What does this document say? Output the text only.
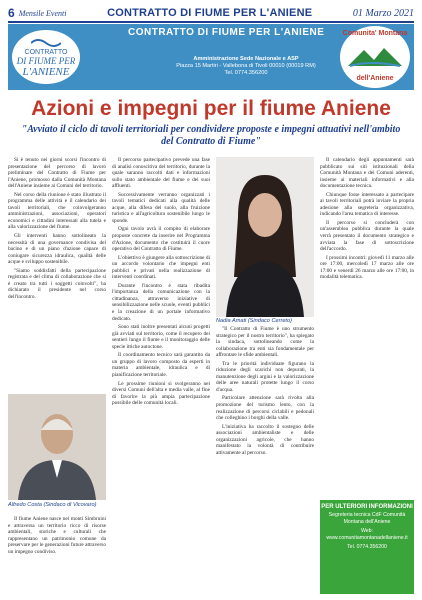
6 Mensile Eventi	CONTRATTO DI FIUME PER L'ANIENE	01 Marzo 2021
CONTRATTO
DI FIUME PER
L'ANIENE
CONTRATTO DI FIUME PER L'ANIENE
Amministrazione Sede Nazionale e ASP
Piazza 15 Martiri - Vallebona di Tivoli 00010 (00019 RM)
Tel. 0774.356200
Comunita' Montana
dell'Aniene
Azioni e impegni per il fiume Aniene
"Avviato il ciclo di tavoli territoriali per condividere proposte e impegni attuativi nell'ambito del Contratto di Fiume"

Si è tenuto nei giorni scorsi l'incontro di presentazione del percorso di lavoro preliminare del Contratto di Fiume per l'Aniene, promosso dalla Comunità Montana dell'Aniene insieme ai Comuni del territorio.

Nel corso della riunione è stato illustrato il programma delle attività e il calendario dei tavoli territoriali, che coinvolgeranno amministrazioni, associazioni, operatori economici e cittadini interessati alla tutela e alla valorizzazione del fiume.

Gli interventi hanno sottolineato la necessità di una governance condivisa del bacino e di un piano d'azione capace di coniugare sicurezza idraulica, qualità delle acque e sviluppo sostenibile.

"Siamo soddisfatti della partecipazione registrata e del clima di collaborazione che si è creato tra tutti i soggetti coinvolti", ha dichiarato il presidente nel corso dell'incontro.

Alfredo Costa (Sindaco di Vicovaro)

Il fiume Aniene nasce nei monti Simbruini e attraversa un territorio ricco di risorse ambientali, storiche e culturali che rappresentano un patrimonio comune da preservare per le generazioni future attraverso un impegno condiviso.

Il percorso partecipativo prevede una fase di analisi conoscitiva del territorio, durante la quale saranno raccolti dati e informazioni sullo stato ambientale del fiume e dei suoi affluenti.

Successivamente verranno organizzati i tavoli tematici dedicati alla qualità delle acque, alla difesa del suolo, alla fruizione turistica e all'agricoltura sostenibile lungo le sponde.

Ogni tavolo avrà il compito di elaborare proposte concrete da inserire nel Programma d'Azione, documento che costituirà il cuore operativo del Contratto di Fiume.

L'obiettivo è giungere alla sottoscrizione di un accordo volontario che impegni enti pubblici e privati nella realizzazione di interventi coordinati.

Durante l'incontro è stata ribadita l'importanza della comunicazione con la cittadinanza, attraverso iniziative di sensibilizzazione nelle scuole, eventi pubblici e la creazione di un portale informativo dedicato.

Sono stati inoltre presentati alcuni progetti già avviati sul territorio, come il recupero dei sentieri lungo il fiume e il monitoraggio delle specie ittiche autoctone.

Il coordinamento tecnico sarà garantito da un gruppo di lavoro composto da esperti in materia ambientale, idraulica e di pianificazione territoriale.

Le prossime riunioni si svolgeranno nei diversi Comuni dell'alta e media valle, al fine di favorire la più ampia partecipazione possibile delle comunità locali.

Nadia Amati (Sindaco Cerreto)

"Il Contratto di Fiume è uno strumento strategico per il nostro territorio", ha spiegato la sindaca, sottolineando come la collaborazione tra enti sia fondamentale per affrontare le sfide ambientali.

Tra le priorità individuate figurano la riduzione degli scarichi non depurati, la manutenzione degli argini e la valorizzazione delle aree naturali protette lungo il corso d'acqua.

Particolare attenzione sarà rivolta alla promozione del turismo lento, con la realizzazione di percorsi ciclabili e pedonali che colleghino i borghi della valle.

L'iniziativa ha raccolto il sostegno delle associazioni ambientaliste e delle organizzazioni agricole, che hanno manifestato la volontà di contribuire attivamente al percorso.

Il calendario degli appuntamenti sarà pubblicato sui siti istituzionali della Comunità Montana e dei Comuni aderenti, insieme ai materiali informativi e alla documentazione tecnica.

Chiunque fosse interessato a partecipare ai tavoli territoriali potrà inviare la propria adesione alla segreteria organizzativa, indicando l'area tematica di interesse.

Il percorso si concluderà con un'assemblea pubblica durante la quale verrà presentato il documento strategico e avviata la fase di sottoscrizione dell'accordo.

I prossimi incontri: giovedì 11 marzo alle ore 17:00, mercoledì 17 marzo alle ore 17:00 e venerdì 26 marzo alle ore 17:00, in modalità telematica.

PER ULTERIORI INFORMAZIONI
Segreteria tecnica CdF Comunità Montana dell'Aniene
Web: www.comunitamontanadellaniene.it
Tel. 0774.356200
